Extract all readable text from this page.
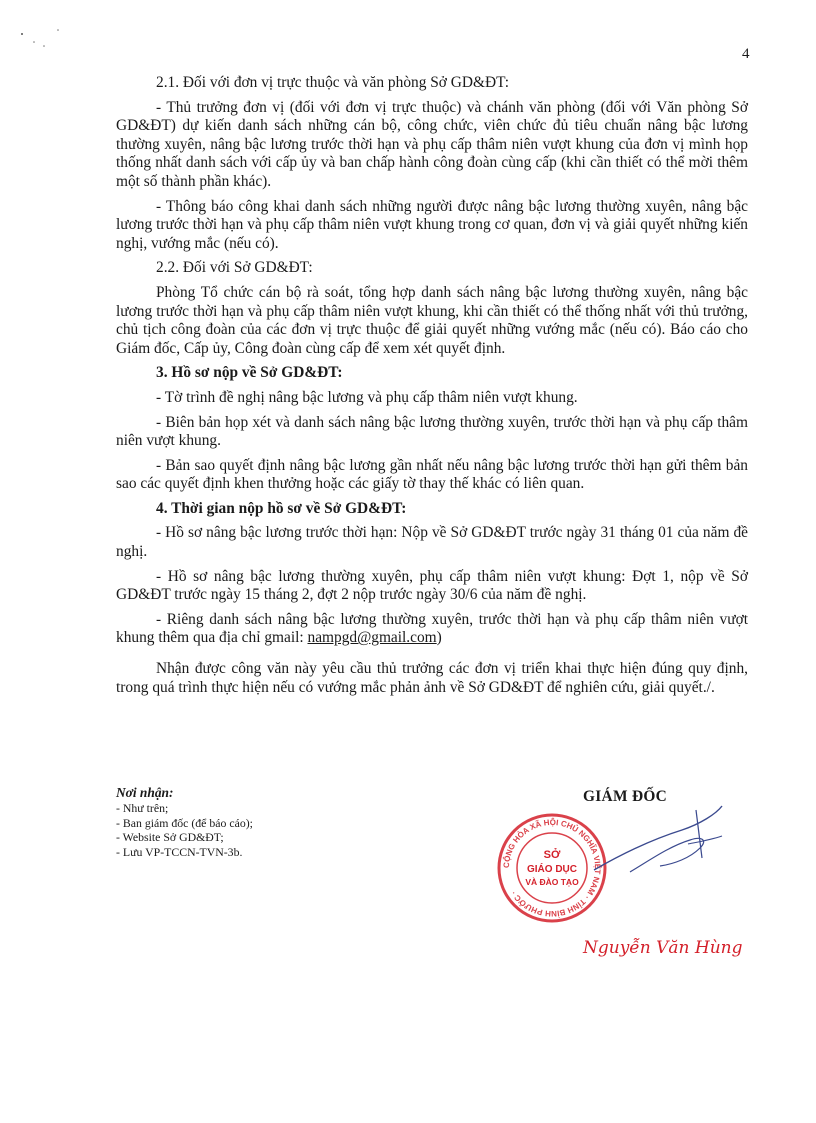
4

2.1. Đối với đơn vị trực thuộc và văn phòng Sở GD&ĐT:

- Thủ trưởng đơn vị (đối với đơn vị trực thuộc) và chánh văn phòng (đối với Văn phòng Sở GD&ĐT) dự kiến danh sách những cán bộ, công chức, viên chức đủ tiêu chuẩn nâng bậc lương thường xuyên, nâng bậc lương trước thời hạn và phụ cấp thâm niên vượt khung của đơn vị mình họp thống nhất danh sách với cấp ủy và ban chấp hành công đoàn cùng cấp (khi cần thiết có thể mời thêm một số thành phần khác).

- Thông báo công khai danh sách những người được nâng bậc lương thường xuyên, nâng bậc lương trước thời hạn và phụ cấp thâm niên vượt khung trong cơ quan, đơn vị và giải quyết những kiến nghị, vướng mắc (nếu có).

2.2. Đối với Sở GD&ĐT:

Phòng Tổ chức cán bộ rà soát, tổng hợp danh sách nâng bậc lương thường xuyên, nâng bậc lương trước thời hạn và phụ cấp thâm niên vượt khung, khi cần thiết có thể thống nhất với thủ trưởng, chủ tịch công đoàn của các đơn vị trực thuộc để giải quyết những vướng mắc (nếu có). Báo cáo cho Giám đốc, Cấp ủy, Công đoàn cùng cấp để xem xét quyết định.

3. Hồ sơ nộp về Sở GD&ĐT:

- Tờ trình đề nghị nâng bậc lương và phụ cấp thâm niên vượt khung.

- Biên bản họp xét và danh sách nâng bậc lương thường xuyên, trước thời hạn và phụ cấp thâm niên vượt khung.

- Bản sao quyết định nâng bậc lương gần nhất nếu nâng bậc lương trước thời hạn gửi thêm bản sao các quyết định khen thưởng hoặc các giấy tờ thay thế khác có liên quan.

4. Thời gian nộp hồ sơ về Sở GD&ĐT:

- Hồ sơ nâng bậc lương trước thời hạn: Nộp về Sở GD&ĐT trước ngày 31 tháng 01 của năm đề nghị.

- Hồ sơ nâng bậc lương thường xuyên, phụ cấp thâm niên vượt khung: Đợt 1, nộp về Sở GD&ĐT trước ngày 15 tháng 2, đợt 2 nộp trước ngày 30/6 của năm đề nghị.

- Riêng danh sách nâng bậc lương thường xuyên, trước thời hạn và phụ cấp thâm niên vượt khung thêm qua địa chỉ gmail: nampgd@gmail.com)

Nhận được công văn này yêu cầu thủ trưởng các đơn vị triển khai thực hiện đúng quy định, trong quá trình thực hiện nếu có vướng mắc phản ảnh về Sở GD&ĐT để nghiên cứu, giải quyết./.

Nơi nhận:
- Như trên;
- Ban giám đốc (để báo cáo);
- Website Sở GD&ĐT;
- Lưu VP-TCCN-TVN-3b.
GIÁM ĐỐC
CỘNG HÒA XÃ HỘI CHỦ NGHĨA VIỆT NAM · TỈNH BÌNH PHƯỚC ·
SỞ
GIÁO DỤC
VÀ ĐÀO TẠO
Nguyễn Văn Hùng
